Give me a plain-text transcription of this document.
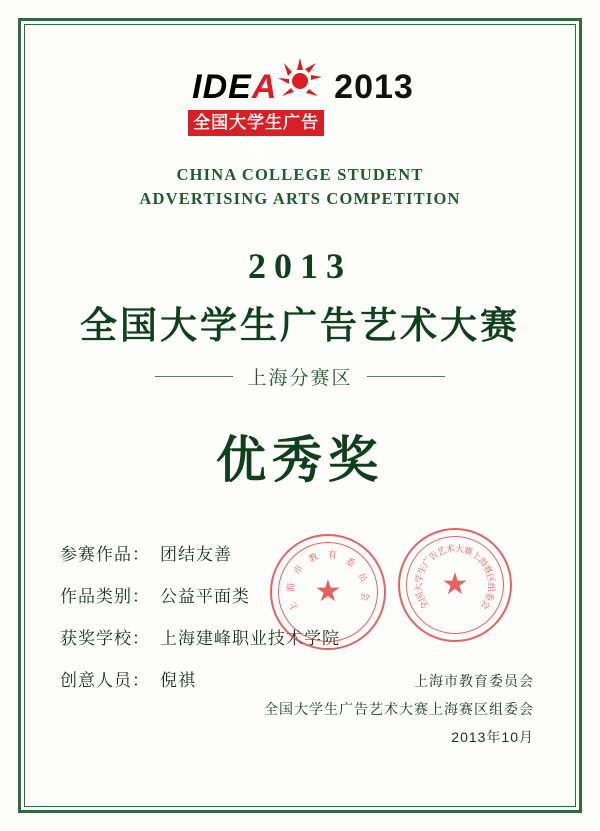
IDEA
全国大学生广告奖
2013
CHINA COLLEGE STUDENT
ADVERTISING ARTS COMPETITION
2013
全国大学生广告艺术大赛
上海分赛区
优秀奖
参赛作品： 团结友善
作品类别： 公益平面类
获奖学校： 上海建峰职业技术学院
创意人员： 倪祺	上海市教育委员会
全国大学生广告艺术大赛上海赛区组委会
2013年10月
上
海
市
教 育
委
员
会
★	全
国
大
学
生
广
告
艺
术 大
赛
上
海
赛
区
组
委
会
★
